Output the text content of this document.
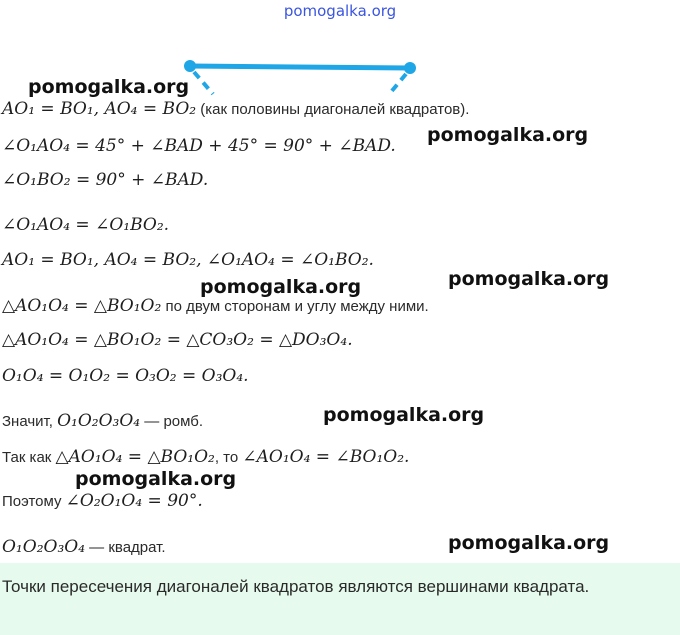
pomogalka.org
AO₁ = BO₁, AO₄ = BO₂ (как половины диагоналей квадратов).
∠O₁AO₄ = 45° + ∠BAD + 45° = 90° + ∠BAD.
∠O₁BO₂ = 90° + ∠BAD.
∠O₁AO₄ = ∠O₁BO₂.
AO₁ = BO₁, AO₄ = BO₂, ∠O₁AO₄ = ∠O₁BO₂.
△AO₁O₄ = △BO₁O₂ по двум сторонам и углу между ними.
△AO₁O₄ = △BO₁O₂ = △CO₃O₂ = △DO₃O₄.
O₁O₄ = O₁O₂ = O₃O₂ = O₃O₄.
Значит, O₁O₂O₃O₄ — ромб.
Так как △AO₁O₄ = △BO₁O₂, то ∠AO₁O₄ = ∠BO₁O₂.
Поэтому ∠O₂O₁O₄ = 90°.
O₁O₂O₃O₄ — квадрат.
Точки пересечения диагоналей квадратов являются вершинами квадрата.
pomogalka.org
pomogalka.org
pomogalka.org
pomogalka.org
pomogalka.org
pomogalka.org
pomogalka.org
